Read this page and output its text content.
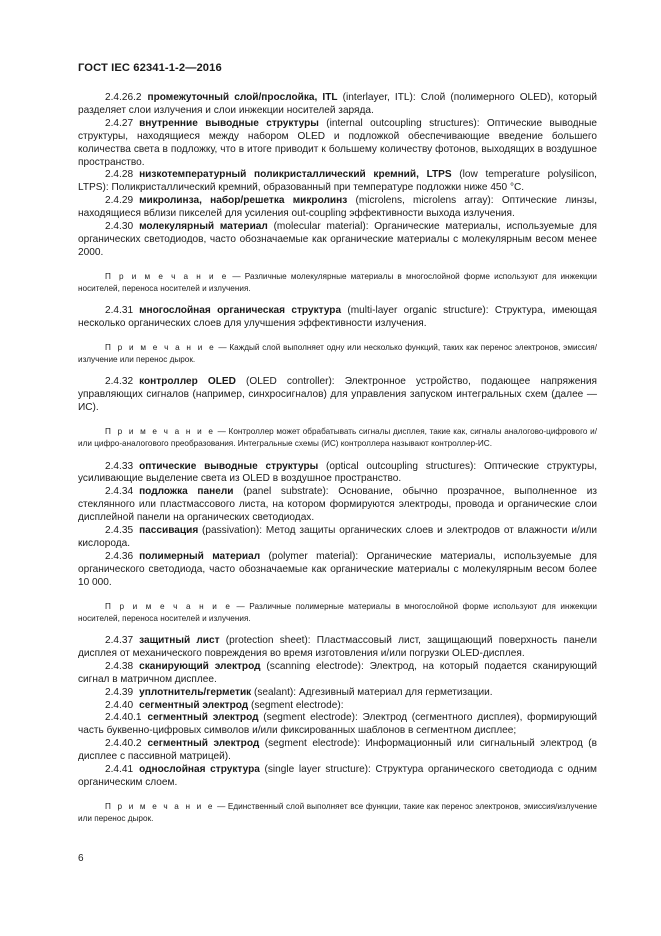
ГОСТ IEC 62341-1-2—2016

2.4.26.2 промежуточный слой/прослойка, ITL (interlayer, ITL): Слой (полимерного OLED), который разделяет слои излучения и слои инжекции носителей заряда.

2.4.27 внутренние выводные структуры (internal outcoupling structures): Оптические выводные структуры, находящиеся между набором OLED и подложкой обеспечивающие введение большего количества света в подложку, что в итоге приводит к большему количеству фотонов, выходящих в воздушное пространство.

2.4.28 низкотемпературный поликристаллический кремний, LTPS (low temperature polysilicon, LTPS): Поликристаллический кремний, образованный при температуре подложки ниже 450 °С.

2.4.29 микролинза, набор/решетка микролинз (microlens, microlens array): Оптические линзы, находящиеся вблизи пикселей для усиления out-coupling эффективности выхода излучения.

2.4.30 молекулярный материал (molecular material): Органические материалы, используемые для органических светодиодов, часто обозначаемые как органические материалы с молекулярным весом менее 2000.

П р и м е ч а н и е — Различные молекулярные материалы в многослойной форме используют для инжекции носителей, переноса носителей и излучения.

2.4.31 многослойная органическая структура (multi-layer organic structure): Структура, имеющая несколько органических слоев для улучшения эффективности излучения.

П р и м е ч а н и е — Каждый слой выполняет одну или несколько функций, таких как перенос электронов, эмиссия/излучение или перенос дырок.

2.4.32 контроллер OLED (OLED controller): Электронное устройство, подающее напряжения управляющих сигналов (например, синхросигналов) для управления запуском интегральных схем (далее — ИС).

П р и м е ч а н и е — Контроллер может обрабатывать сигналы дисплея, такие как, сигналы аналогово-цифрового и/или цифро-аналогового преобразования. Интегральные схемы (ИС) контроллера называют контроллер-ИС.

2.4.33 оптические выводные структуры (optical outcoupling structures): Оптические структуры, усиливающие выделение света из OLED в воздушное пространство.

2.4.34 подложка панели (panel substrate): Основание, обычно прозрачное, выполненное из стеклянного или пластмассового листа, на котором формируются электроды, провода и органические слои дисплейной панели на органических светодиодах.

2.4.35 пассивация (passivation): Метод защиты органических слоев и электродов от влажности и/или кислорода.

2.4.36 полимерный материал (polymer material): Органические материалы, используемые для органического светодиода, часто обозначаемые как органические материалы с молекулярным весом более 10 000.

П р и м е ч а н и е — Различные полимерные материалы в многослойной форме используют для инжекции носителей, переноса носителей и излучения.

2.4.37 защитный лист (protection sheet): Пластмассовый лист, защищающий поверхность панели дисплея от механического повреждения во время изготовления и/или погрузки OLED-дисплея.

2.4.38 сканирующий электрод (scanning electrode): Электрод, на который подается сканирующий сигнал в матричном дисплее.

2.4.39 уплотнитель/герметик (sealant): Адгезивный материал для герметизации.

2.4.40 сегментный электрод (segment electrode):

2.4.40.1 сегментный электрод (segment electrode): Электрод (сегментного дисплея), формирующий часть буквенно-цифровых символов и/или фиксированных шаблонов в сегментном дисплее;

2.4.40.2 сегментный электрод (segment electrode): Информационный или сигнальный электрод (в дисплее с пассивной матрицей).

2.4.41 однослойная структура (single layer structure): Структура органического светодиода с одним органическим слоем.

П р и м е ч а н и е — Единственный слой выполняет все функции, такие как перенос электронов, эмиссия/излучение или перенос дырок.

6
